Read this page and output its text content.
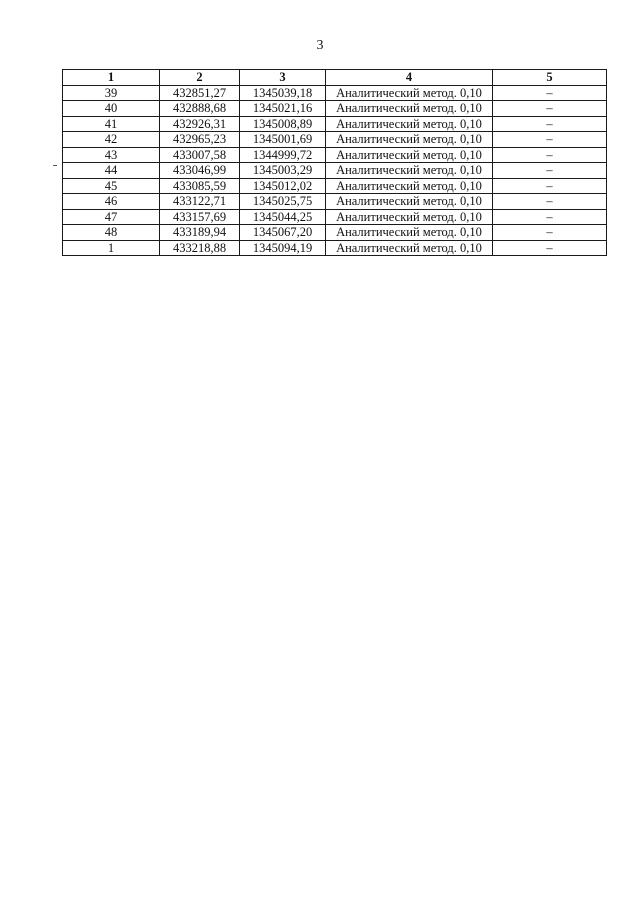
3
1	2	3	4	5
39	432851,27	1345039,18	Аналитический метод. 0,10	–
40	432888,68	1345021,16	Аналитический метод. 0,10	–
41	432926,31	1345008,89	Аналитический метод. 0,10	–
42	432965,23	1345001,69	Аналитический метод. 0,10	–
43	433007,58	1344999,72	Аналитический метод. 0,10	–
44	433046,99	1345003,29	Аналитический метод. 0,10	–
45	433085,59	1345012,02	Аналитический метод. 0,10	–
46	433122,71	1345025,75	Аналитический метод. 0,10	–
47	433157,69	1345044,25	Аналитический метод. 0,10	–
48	433189,94	1345067,20	Аналитический метод. 0,10	–
1	433218,88	1345094,19	Аналитический метод. 0,10	–
